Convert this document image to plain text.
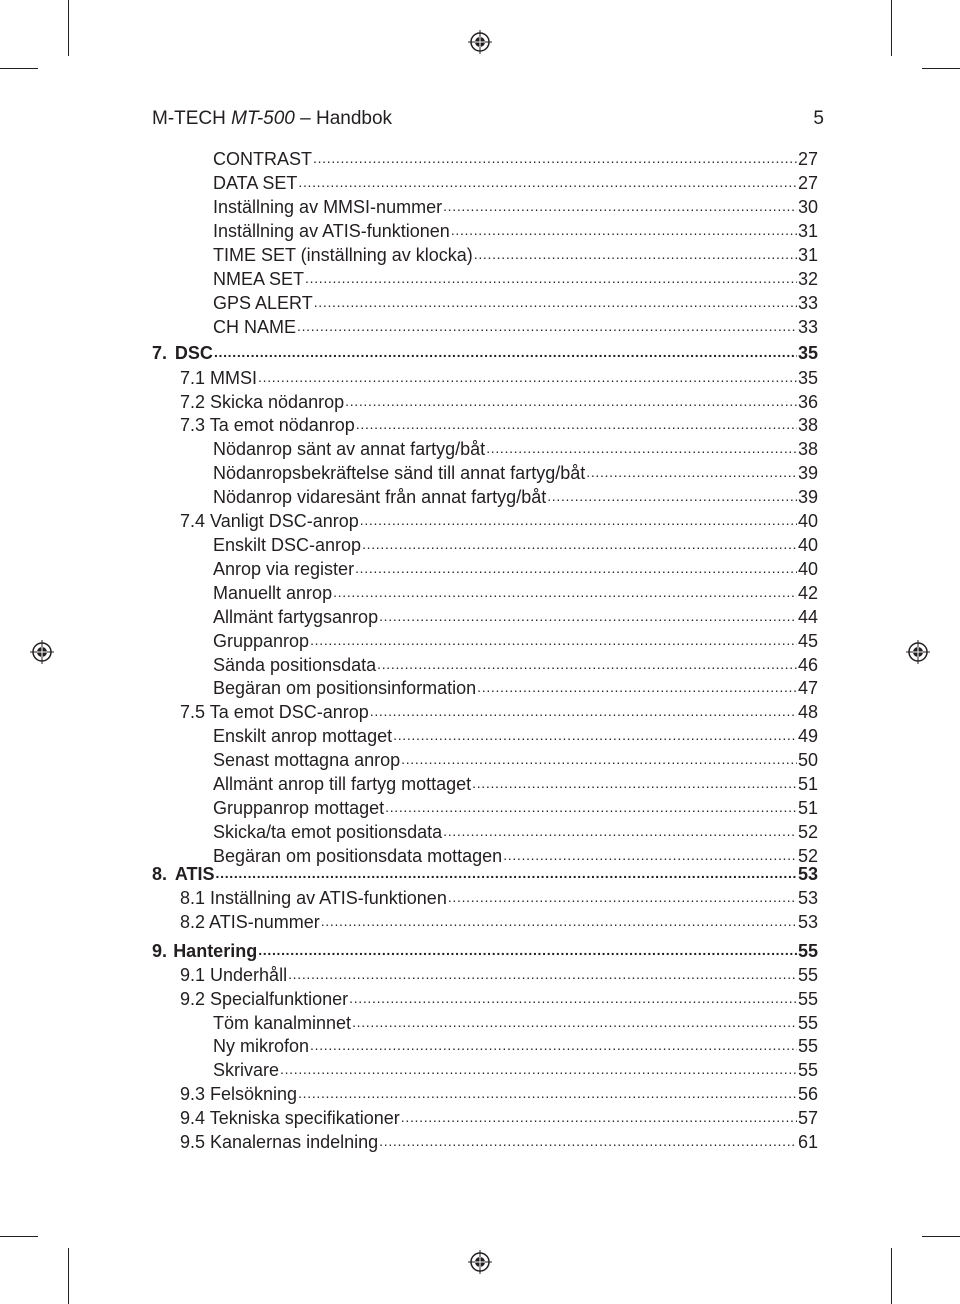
M-TECH MT-500 – Handbok	5
CONTRAST . . .	27
DATA SET . . .	27
Inställning av MMSI-nummer . . .	30
Inställning av ATIS-funktionen . . .	31
TIME SET (inställning av klocka) . . .	31
NMEA SET . . .	32
GPS ALERT . . .	33
CH NAME . . .	33
7. DSC . . .	35
7.1 MMSI . . .	35
7.2 Skicka nödanrop . . .	36
7.3 Ta emot nödanrop . . .	38
Nödanrop sänt av annat fartyg/båt . . .	38
Nödanropsbekräftelse sänd till annat fartyg/båt . . .	39
Nödanrop vidaresänt från annat fartyg/båt . . .	39
7.4 Vanligt DSC-anrop . . .	40
Enskilt DSC-anrop . . .	40
Anrop via register . . .	40
Manuellt anrop . . .	42
Allmänt fartygsanrop . . .	44
Gruppanrop . . .	45
Sända positionsdata . . .	46
Begäran om positionsinformation . . .	47
7.5 Ta emot DSC-anrop . . .	48
Enskilt anrop mottaget . . .	49
Senast mottagna anrop . . .	50
Allmänt anrop till fartyg mottaget . . .	51
Gruppanrop mottaget . . .	51
Skicka/ta emot positionsdata . . .	52
Begäran om positionsdata mottagen . . .	52
8. ATIS . . .	53
8.1 Inställning av ATIS-funktionen . . .	53
8.2 ATIS-nummer . . .	53
9. Hantering . . .	55
9.1 Underhåll . . .	55
9.2 Specialfunktioner . . .	55
Töm kanalminnet . . .	55
Ny mikrofon . . .	55
Skrivare . . .	55
9.3 Felsökning . . .	56
9.4 Tekniska specifikationer . . .	57
9.5 Kanalernas indelning . . .	61
